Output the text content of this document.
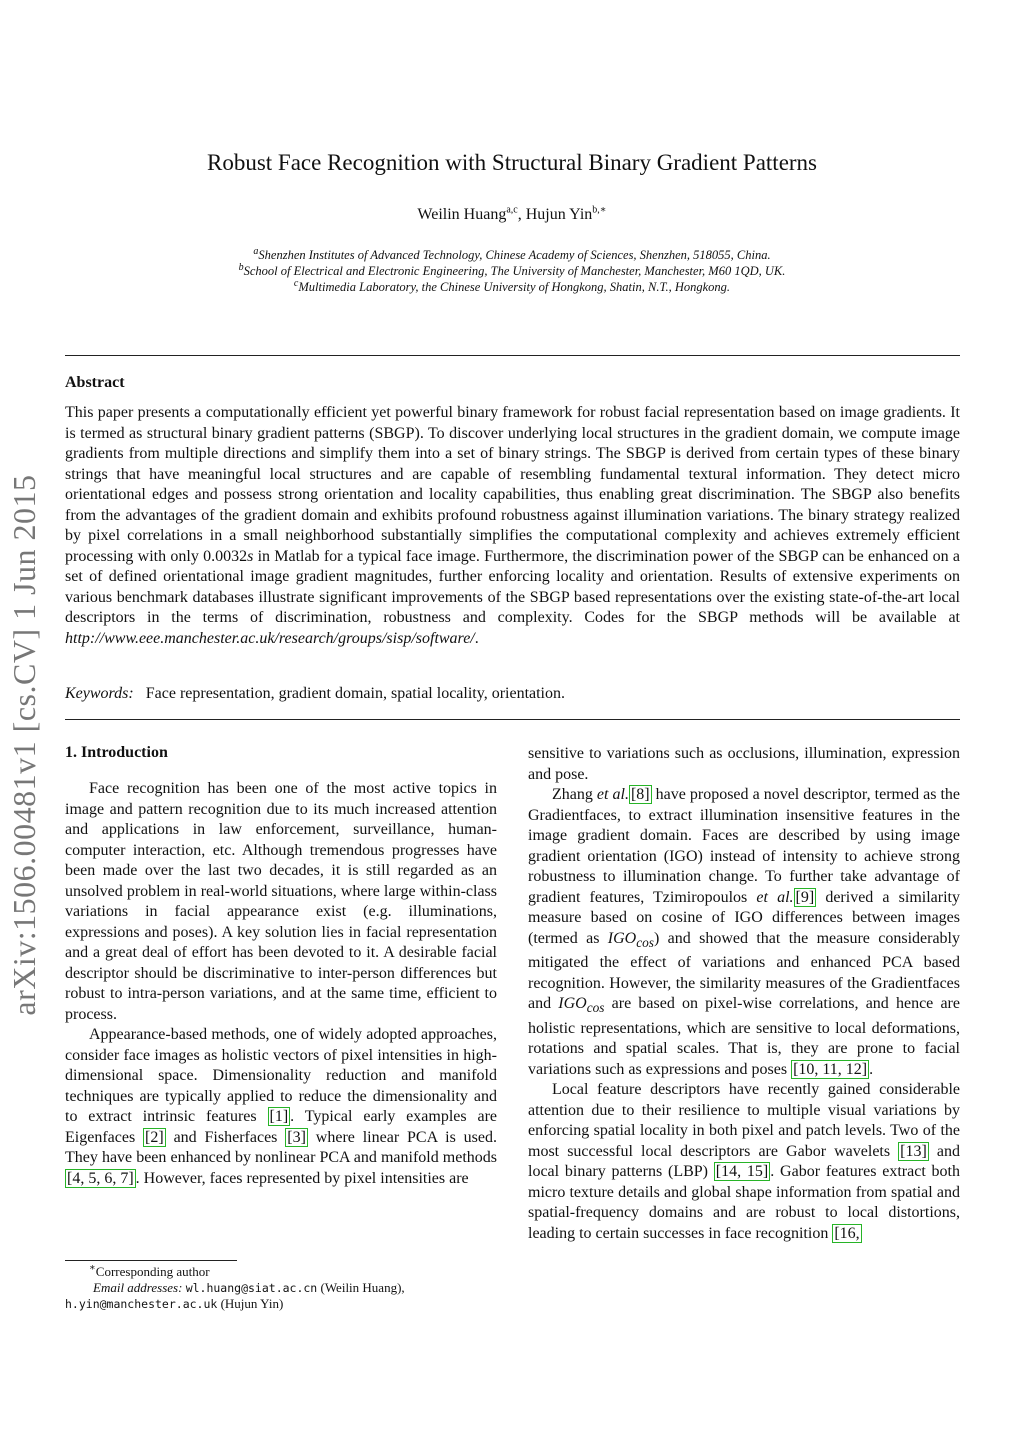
arXiv:1506.00481v1 [cs.CV] 1 Jun 2015
Robust Face Recognition with Structural Binary Gradient Patterns
Weilin Huang$^{a,c}$, Hujun Yin$^{b,∗}$
$^a$Shenzhen Institutes of Advanced Technology, Chinese Academy of Sciences, Shenzhen, 518055, China.
$^b$School of Electrical and Electronic Engineering, The University of Manchester, Manchester, M60 1QD, UK.
$^c$Multimedia Laboratory, the Chinese University of Hongkong, Shatin, N.T., Hongkong.
Abstract
This paper presents a computationally efficient yet powerful binary framework for robust facial representation based on image gradients. It is termed as structural binary gradient patterns (SBGP). To discover underlying local structures in the gradient domain, we compute image gradients from multiple directions and simplify them into a set of binary strings. The SBGP is derived from certain types of these binary strings that have meaningful local structures and are capable of resembling fundamental textural information. They detect micro orientational edges and possess strong orientation and locality capabilities, thus enabling great discrimination. The SBGP also benefits from the advantages of the gradient domain and exhibits profound robustness against illumination variations. The binary strategy realized by pixel correlations in a small neighborhood substantially simplifies the computational complexity and achieves extremely efficient processing with only 0.0032s in Matlab for a typical face image. Furthermore, the discrimination power of the SBGP can be enhanced on a set of defined orientational image gradient magnitudes, further enforcing locality and orientation. Results of extensive experiments on various benchmark databases illustrate significant improvements of the SBGP based representations over the existing state-of-the-art local descriptors in the terms of discrimination, robustness and complexity. Codes for the SBGP methods will be available at http://www.eee.manchester.ac.uk/research/groups/sisp/software/.
Keywords: Face representation, gradient domain, spatial locality, orientation.
1. Introduction

Face recognition has been one of the most active topics in image and pattern recognition due to its much increased attention and applications in law enforcement, surveillance, human-computer interaction, etc. Although tremendous progresses have been made over the last two decades, it is still regarded as an unsolved problem in real-world situations, where large within-class variations in facial appearance exist (e.g. illuminations, expressions and poses). A key solution lies in facial representation and a great deal of effort has been devoted to it. A desirable facial descriptor should be discriminative to inter-person differences but robust to intra-person variations, and at the same time, efficient to process.

Appearance-based methods, one of widely adopted approaches, consider face images as holistic vectors of pixel intensities in high-dimensional space. Dimensionality reduction and manifold techniques are typically applied to reduce the dimensionality and to extract intrinsic features [1] . Typical early examples are Eigenfaces [2] and Fisherfaces [3] where linear PCA is used. They have been enhanced by nonlinear PCA and manifold methods [4, 5, 6, 7] . However, faces represented by pixel intensities are

sensitive to variations such as occlusions, illumination, expression and pose.

Zhang et al. [8] have proposed a novel descriptor, termed as the Gradientfaces, to extract illumination insensitive features in the image gradient domain. Faces are described by using image gradient orientation (IGO) instead of intensity to achieve strong robustness to illumination change. To further take advantage of gradient features, Tzimiropoulos et al. [9] derived a similarity measure based on cosine of IGO differences between images (termed as $IGO_{cos}$) and showed that the measure considerably mitigated the effect of variations and enhanced PCA based recognition. However, the similarity measures of the Gradientfaces and $IGO_{cos}$ are based on pixel-wise correlations, and hence are holistic representations, which are sensitive to local deformations, rotations and spatial scales. That is, they are prone to facial variations such as expressions and poses [10, 11, 12] .

Local feature descriptors have recently gained considerable attention due to their resilience to multiple visual variations by enforcing spatial locality in both pixel and patch levels. Two of the most successful local descriptors are Gabor wavelets [13] and local binary patterns (LBP) [14, 15] . Gabor features extract both micro texture details and global shape information from spatial and spatial-frequency domains and are robust to local distortions, leading to certain successes in face recognition [16,

∗Corresponding author
Email addresses: wl.huang@siat.ac.cn (Weilin Huang),
h.yin@manchester.ac.uk (Hujun Yin)
